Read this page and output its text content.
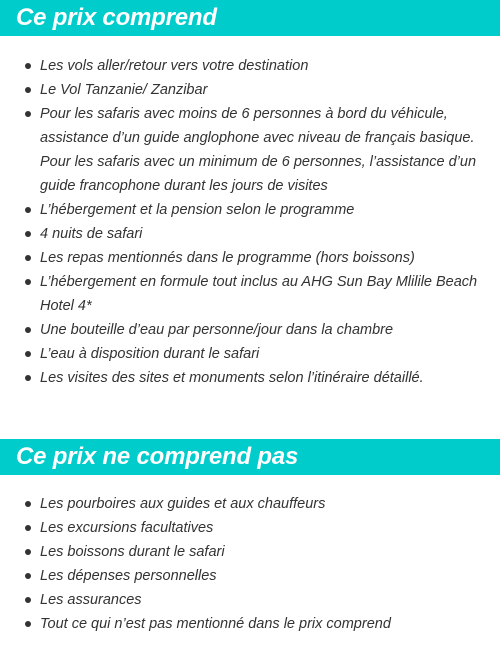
Ce prix comprend
Les vols aller/retour vers votre destination
Le Vol Tanzanie/ Zanzibar
Pour les safaris avec moins de 6 personnes à bord du véhicule, assistance d’un guide anglophone avec niveau de français basique. Pour les safaris avec un minimum de 6 personnes, l’assistance d’un guide francophone durant les jours de visites
L’hébergement et la pension selon le programme
4 nuits de safari
Les repas mentionnés dans le programme (hors boissons)
L’hébergement en formule tout inclus au AHG Sun Bay Mlilile Beach Hotel 4*
Une bouteille d’eau par personne/jour dans la chambre
L’eau à disposition durant le safari
Les visites des sites et monuments selon l’itinéraire détaillé.
Ce prix ne comprend pas
Les pourboires aux guides et aux chauffeurs
Les excursions facultatives
Les boissons durant le safari
Les dépenses personnelles
Les assurances
Tout ce qui n’est pas mentionné dans le prix comprend
